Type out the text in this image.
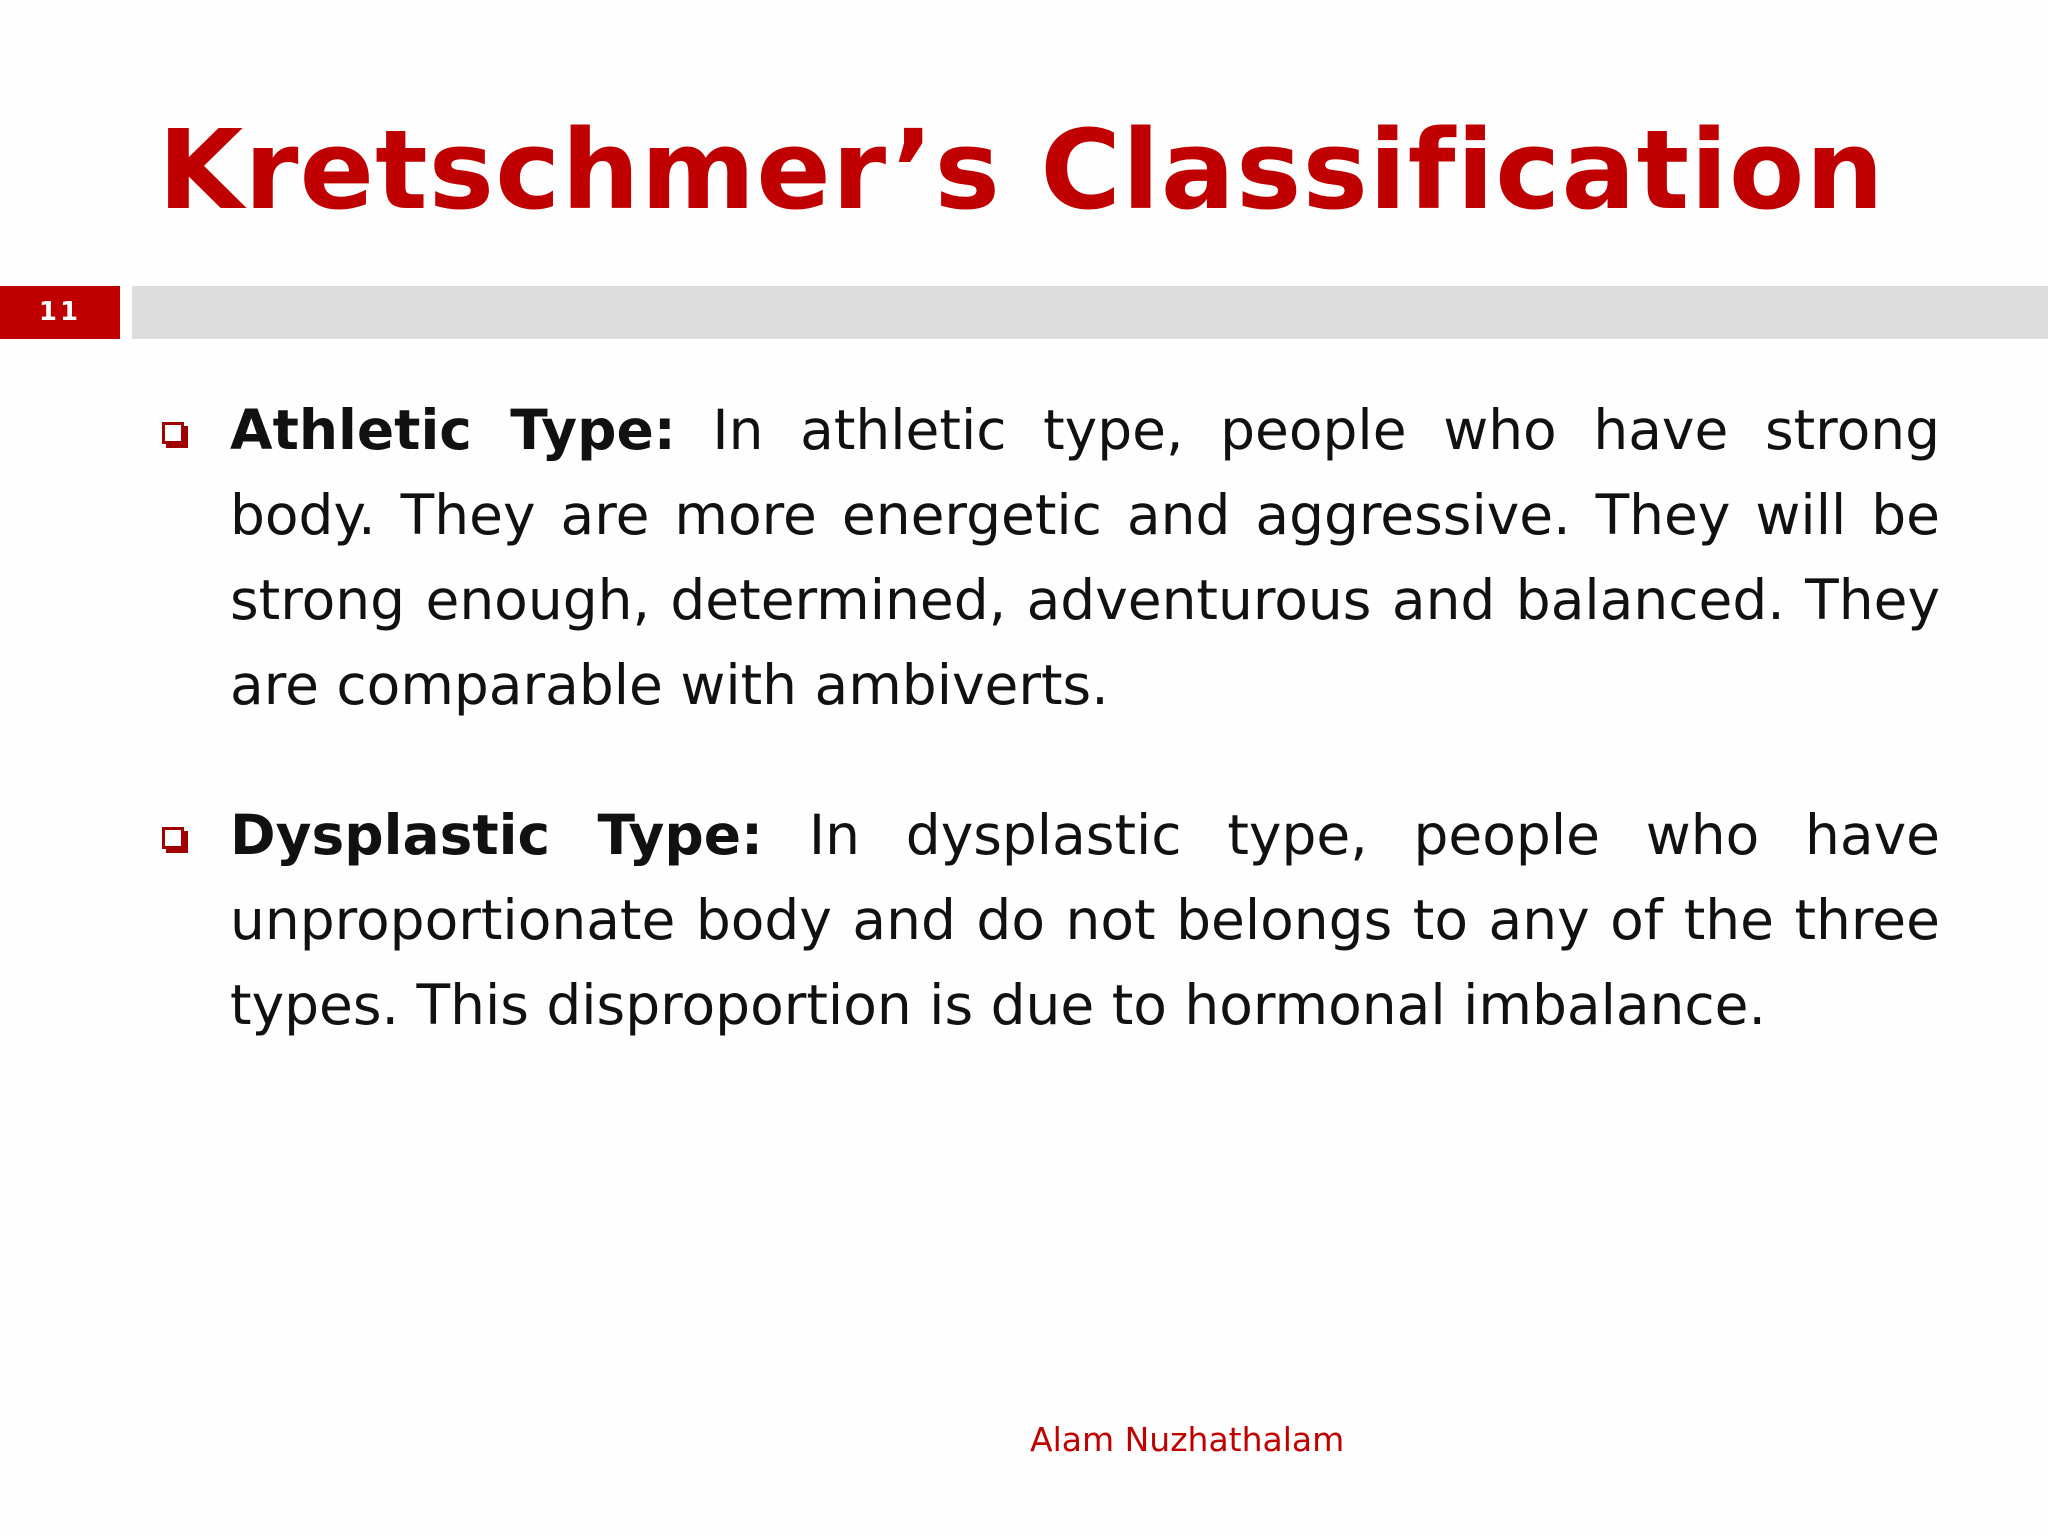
Kretschmer’s Classification
11
Athletic Type: In athletic type, people who have strong body. They are more energetic and aggressive. They will be strong enough, determined, adventurous and balanced. They are comparable with ambiverts.
Dysplastic Type: In dysplastic type, people who have unproportionate body and do not belongs to any of the three types. This disproportion is due to hormonal imbalance.
Alam Nuzhathalam
